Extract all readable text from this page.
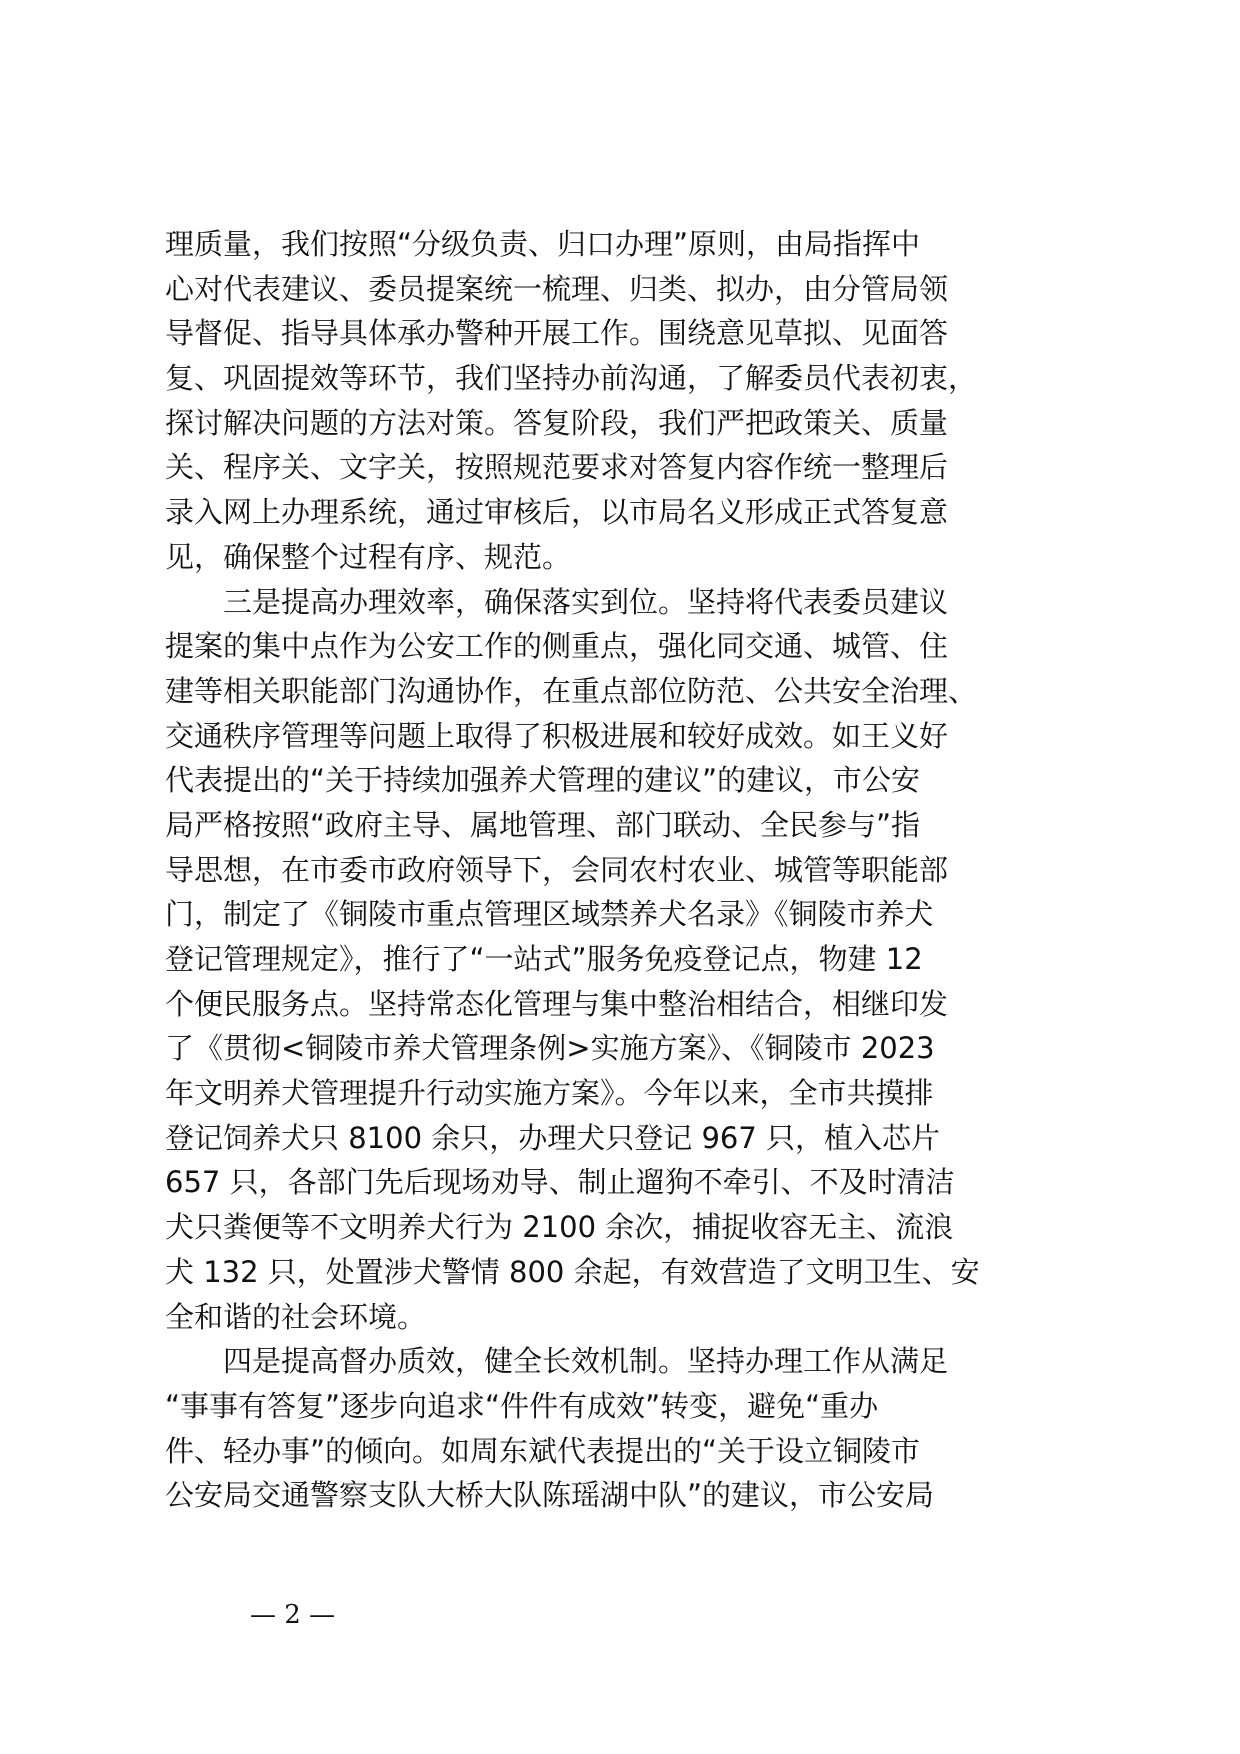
理质量，我们按照“分级负责、归口办理”原则，由局指挥中
心对代表建议、委员提案统一梳理、归类、拟办，由分管局领
导督促、指导具体承办警种开展工作。围绕意见草拟、见面答
复、巩固提效等环节，我们坚持办前沟通，了解委员代表初衷，
探讨解决问题的方法对策。答复阶段，我们严把政策关、质量
关、程序关、文字关，按照规范要求对答复内容作统一整理后
录入网上办理系统，通过审核后，以市局名义形成正式答复意
见，确保整个过程有序、规范。
三是提高办理效率，确保落实到位。坚持将代表委员建议
提案的集中点作为公安工作的侧重点，强化同交通、城管、住
建等相关职能部门沟通协作，在重点部位防范、公共安全治理、
交通秩序管理等问题上取得了积极进展和较好成效。如王义好
代表提出的“关于持续加强养犬管理的建议”的建议，市公安
局严格按照“政府主导、属地管理、部门联动、全民参与”指
导思想，在市委市政府领导下，会同农村农业、城管等职能部
门，制定了《铜陵市重点管理区域禁养犬名录》《铜陵市养犬
登记管理规定》，推行了“一站式”服务免疫登记点，物建 12
个便民服务点。坚持常态化管理与集中整治相结合，相继印发
了《贯彻<铜陵市养犬管理条例>实施方案》、《铜陵市 2023
年文明养犬管理提升行动实施方案》。今年以来，全市共摸排
登记饲养犬只 8100 余只，办理犬只登记 967 只，植入芯片
657 只，各部门先后现场劝导、制止遛狗不牵引、不及时清洁
犬只粪便等不文明养犬行为 2100 余次，捕捉收容无主、流浪
犬 132 只，处置涉犬警情 800 余起，有效营造了文明卫生、安
全和谐的社会环境。
四是提高督办质效，健全长效机制。坚持办理工作从满足
“事事有答复”逐步向追求“件件有成效”转变，避免“重办
件、轻办事”的倾向。如周东斌代表提出的“关于设立铜陵市
公安局交通警察支队大桥大队陈瑶湖中队”的建议，市公安局
— 2 —
